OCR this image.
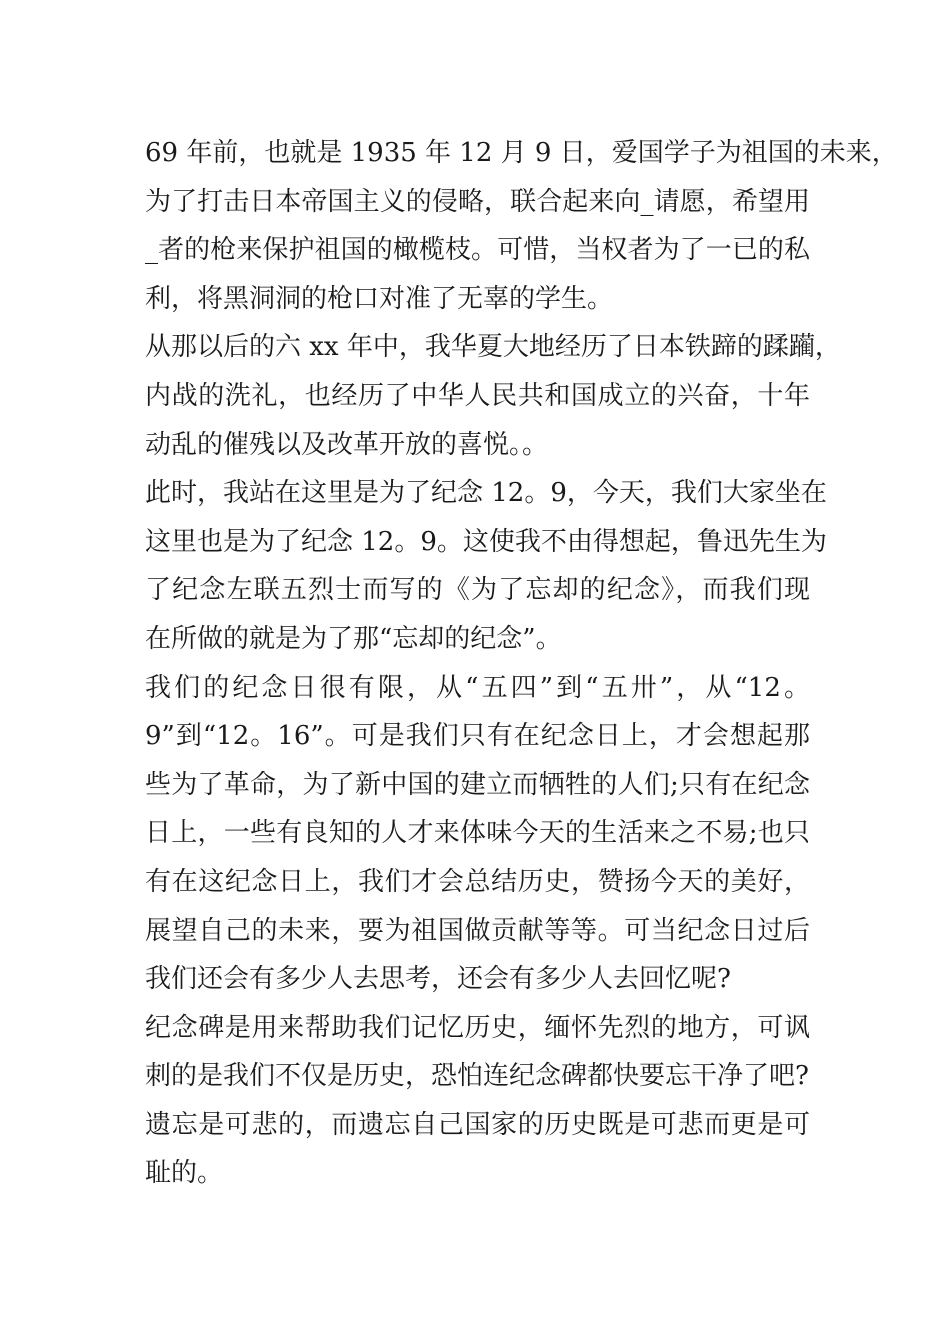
69 年前，也就是 1935 年 12 月 9 日，爱国学子为祖国的未来，
为了打击日本帝国主义的侵略，联合起来向_请愿，希望用
_者的枪来保护祖国的橄榄枝。可惜，当权者为了一已的私
利，将黑洞洞的枪口对准了无辜的学生。
从那以后的六 xx 年中，我华夏大地经历了日本铁蹄的蹂躏，
内战的洗礼，也经历了中华人民共和国成立的兴奋，十年
动乱的催残以及改革开放的喜悦。。
此时，我站在这里是为了纪念 12。9，今天，我们大家坐在
这里也是为了纪念 12。9。这使我不由得想起，鲁迅先生为
了纪念左联五烈士而写的《为了忘却的纪念》，而我们现
在所做的就是为了那“忘却的纪念”。
我们的纪念日很有限，从“五四”到“五卅”，从“12。
9”到“12。16”。可是我们只有在纪念日上，才会想起那
些为了革命，为了新中国的建立而牺牲的人们;只有在纪念
日上，一些有良知的人才来体味今天的生活来之不易;也只
有在这纪念日上，我们才会总结历史，赞扬今天的美好，
展望自己的未来，要为祖国做贡献等等。可当纪念日过后
我们还会有多少人去思考，还会有多少人去回忆呢?
纪念碑是用来帮助我们记忆历史，缅怀先烈的地方，可讽
刺的是我们不仅是历史，恐怕连纪念碑都快要忘干净了吧?
遗忘是可悲的，而遗忘自己国家的历史既是可悲而更是可
耻的。
